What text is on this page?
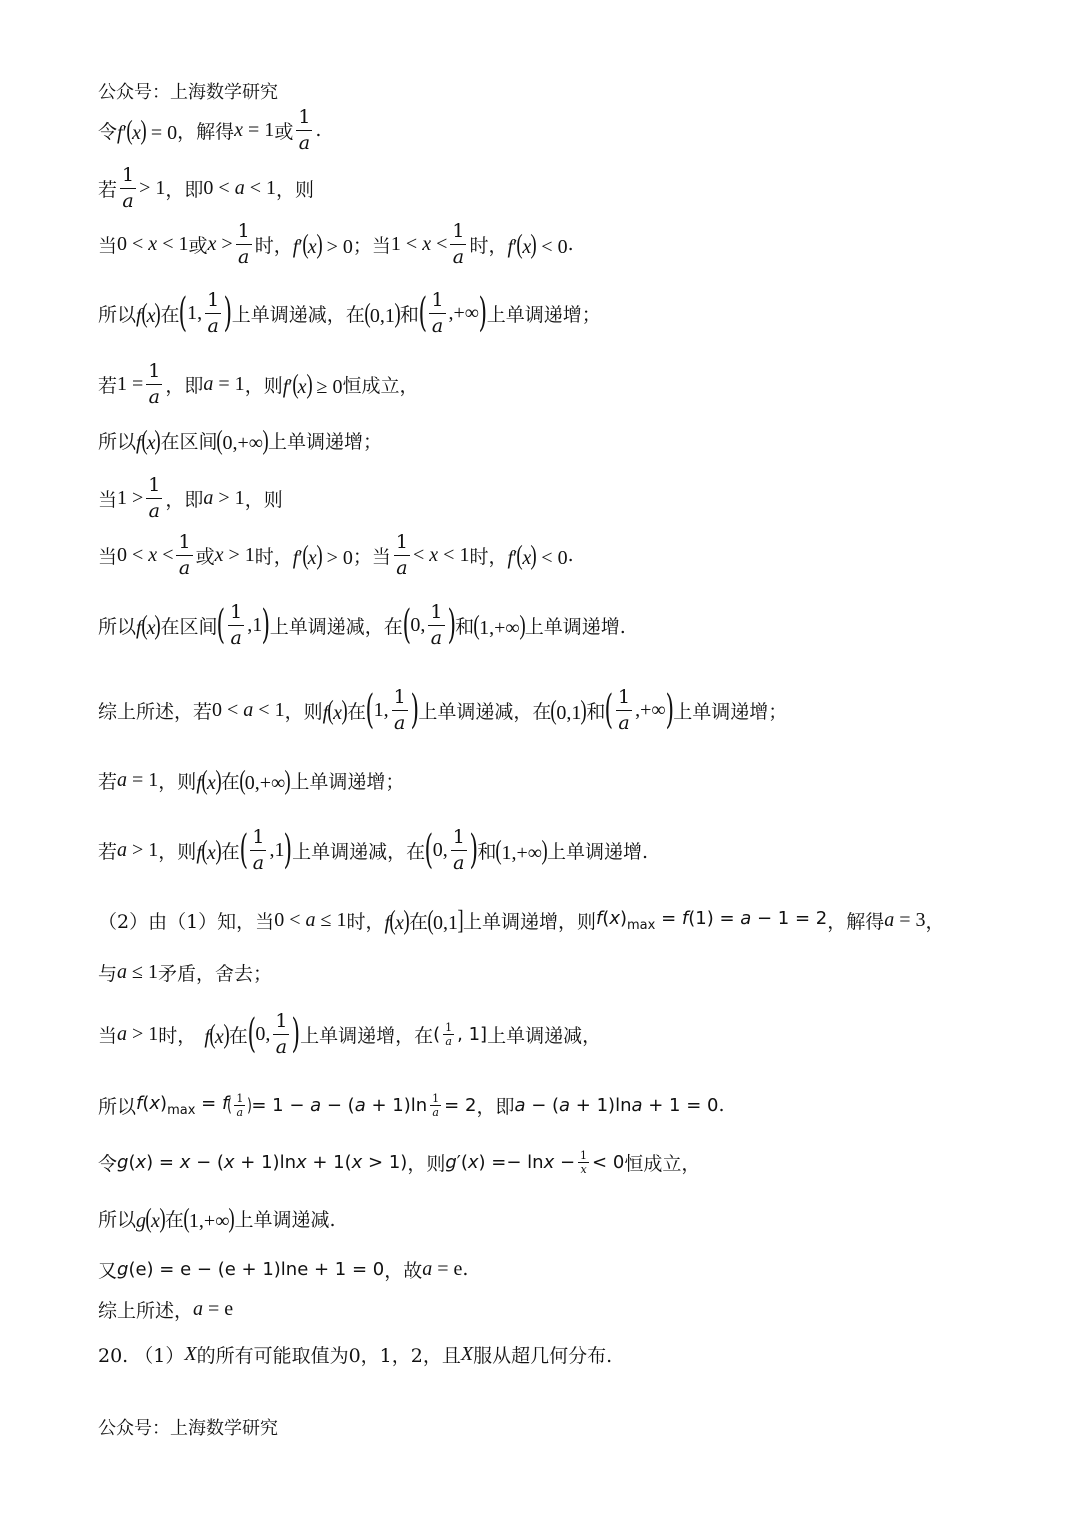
公众号：上海数学研究
令 f′(x) = 0 ，解得 x = 1 或 $\frac{1}{a}$ .
若 $\frac{1}{a} > 1$ ，即 0 < a < 1 ，则
当 0 < x < 1 或 $x > \frac{1}{a}$ 时， f′(x) > 0 ； 当 $1 < x < \frac{1}{a}$ 时， f′(x) < 0 .
所以 f(x) 在 ( 1, $\frac{1}{a}$ ) 上单调递减，在 (0,1) 和 ( $\frac{1}{a}$ ,+∞ ) 上单调递增；
若 $1 = \frac{1}{a}$ ，即 a = 1 ，则 f′(x) ≥ 0 恒成立，
所以 f(x) 在区间 (0,+∞) 上单调递增；
当 $1 > \frac{1}{a}$ ，即 a > 1 ，则
当 $0 < x < \frac{1}{a}$ 或 x > 1 时， f′(x) > 0 ； 当 $\frac{1}{a} < x < 1$ 时， f′(x) < 0 .
所以 f(x) 在区间 ( $\frac{1}{a} ,1$ ) 上单调递减，在 ( 0, $\frac{1}{a}$ ) 和 (1,+∞) 上单调递增.
综上所述，若 0 < a < 1 ，则 f(x) 在 ( 1, $\frac{1}{a}$ ) 上单调递减，在 (0,1) 和 ( $\frac{1}{a}$ ,+∞ ) 上单调递增；
若 a = 1 ，则 f(x) 在 (0,+∞) 上单调递增；
若 a > 1 ，则 f(x) 在 ( $\frac{1}{a} ,1$ ) 上单调递减，在 ( 0, $\frac{1}{a}$ ) 和 (1,+∞) 上单调递增.
（2）由（1）知，当 0 < a ≤ 1 时， f(x) 在 (0,1] 上单调递增，则 $f(x)_{max} = f(1) = a - 1 = 2$ ，解得 a = 3 ，
与 a ≤ 1 矛盾，舍去；
当 a > 1 时， f(x) 在 ( 0, $\frac{1}{a}$ ) 上单调递增，在 ( $\frac{1}{a}$ , 1] 上单调递减，
所以 $f(x)_{max} = f$ ( $\frac{1}{a}$ ) = $1 - a - (a + 1)\ln \frac{1}{a} = 2$ ，即 a − (a + 1)lna + 1 = 0 .
令 g(x) = x − (x + 1)lnx + 1(x > 1) ，则 $g'(x) =- \ln x - \frac{1}{x} < 0$ 恒成立，
所以 g(x) 在 (1,+∞) 上单调递减.
又 g(e) = e − (e + 1)lne + 1 = 0 ，故 a = e .
综上所述， a = e
20. （1） X 的所有可能取值为0，1，2，且 X 服从超几何分布.
公众号：上海数学研究
